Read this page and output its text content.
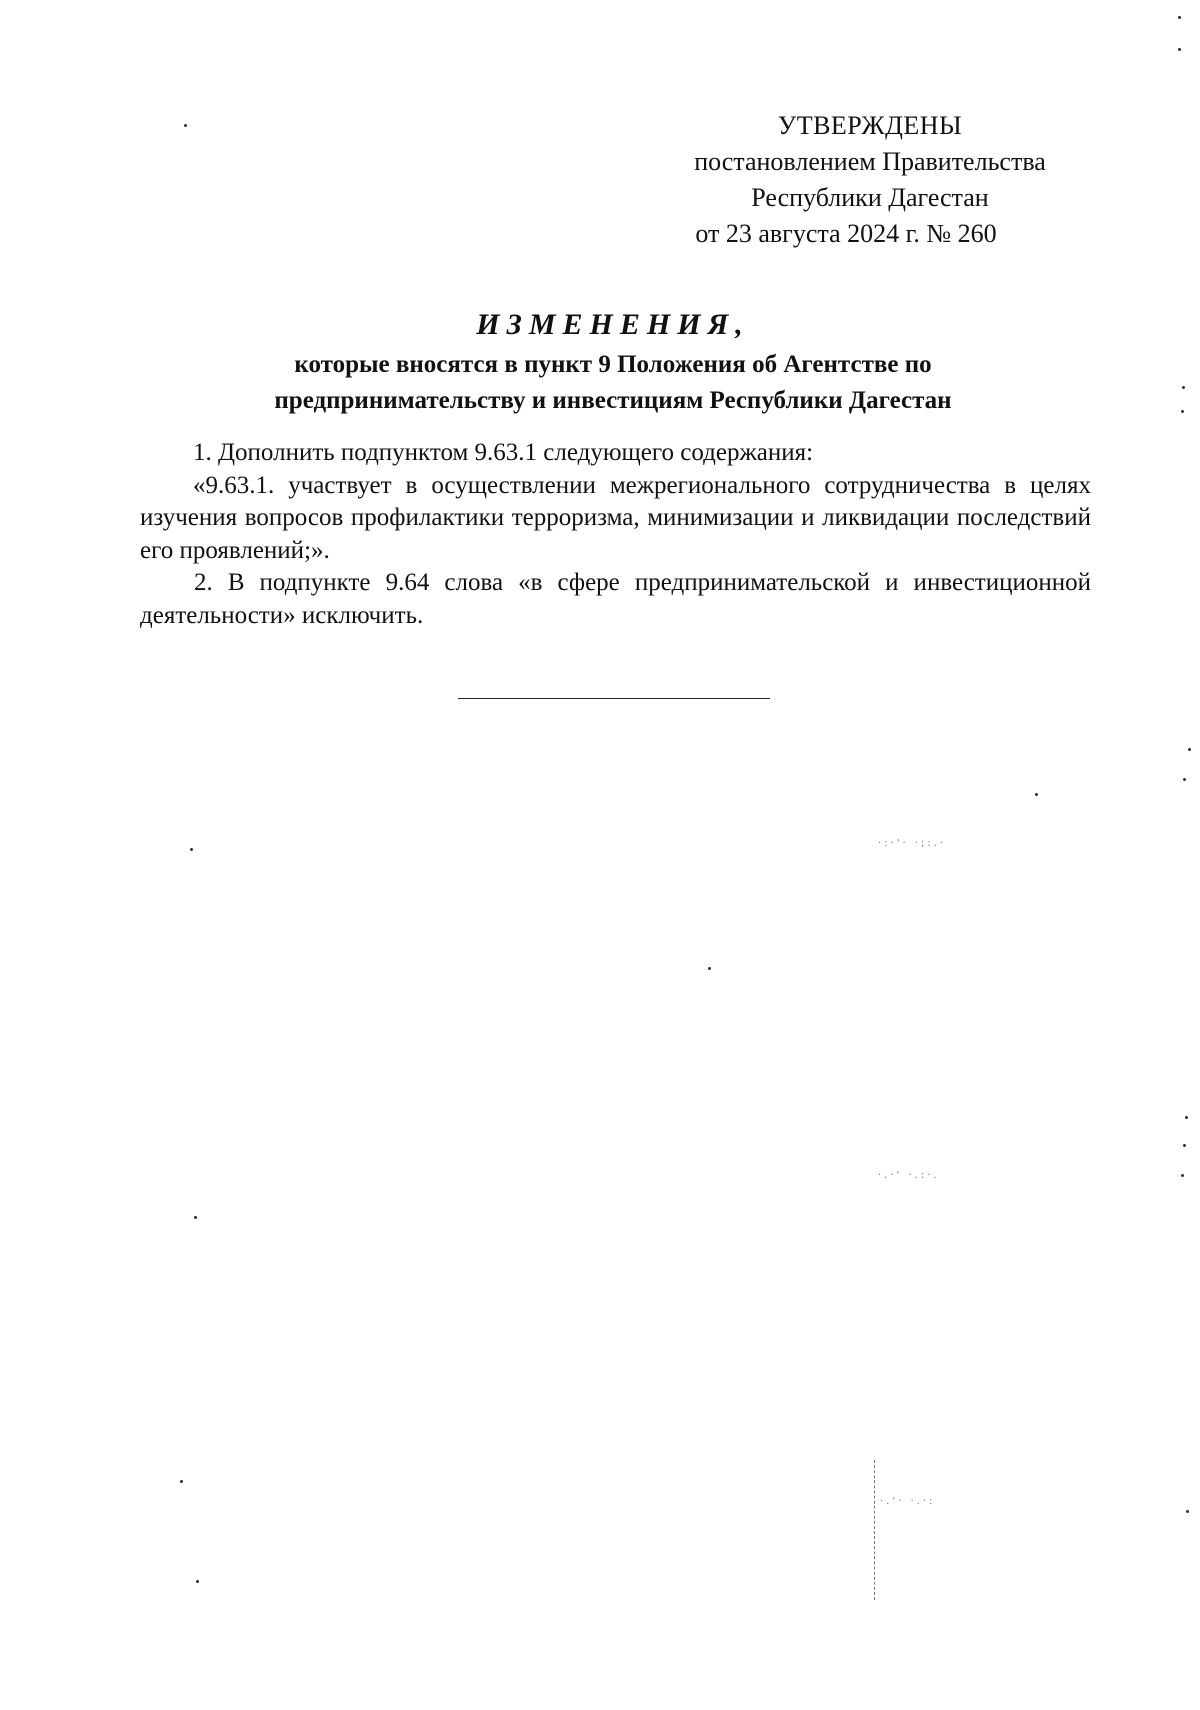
УТВЕРЖДЕНЫ
постановлением Правительства
Республики Дагестан
от 23 августа 2024 г. № 260
ИЗМЕНЕНИЯ,
которые вносятся в пункт 9 Положения об Агентстве по
предпринимательству и инвестициям Республики Дагестан

1. Дополнить подпунктом 9.63.1 следующего содержания:

«9.63.1. участвует в осуществлении межрегионального сотрудничества в целях изучения вопросов профилактики терроризма, минимизации и ликвидации последствий его проявлений;».

2. В подпункте 9.64 слова «в сфере предпринимательской и инвестиционной деятельности» исключить.

·:·'· ·;:.·
·.·' ·.:·.
·.'· ·.·:
